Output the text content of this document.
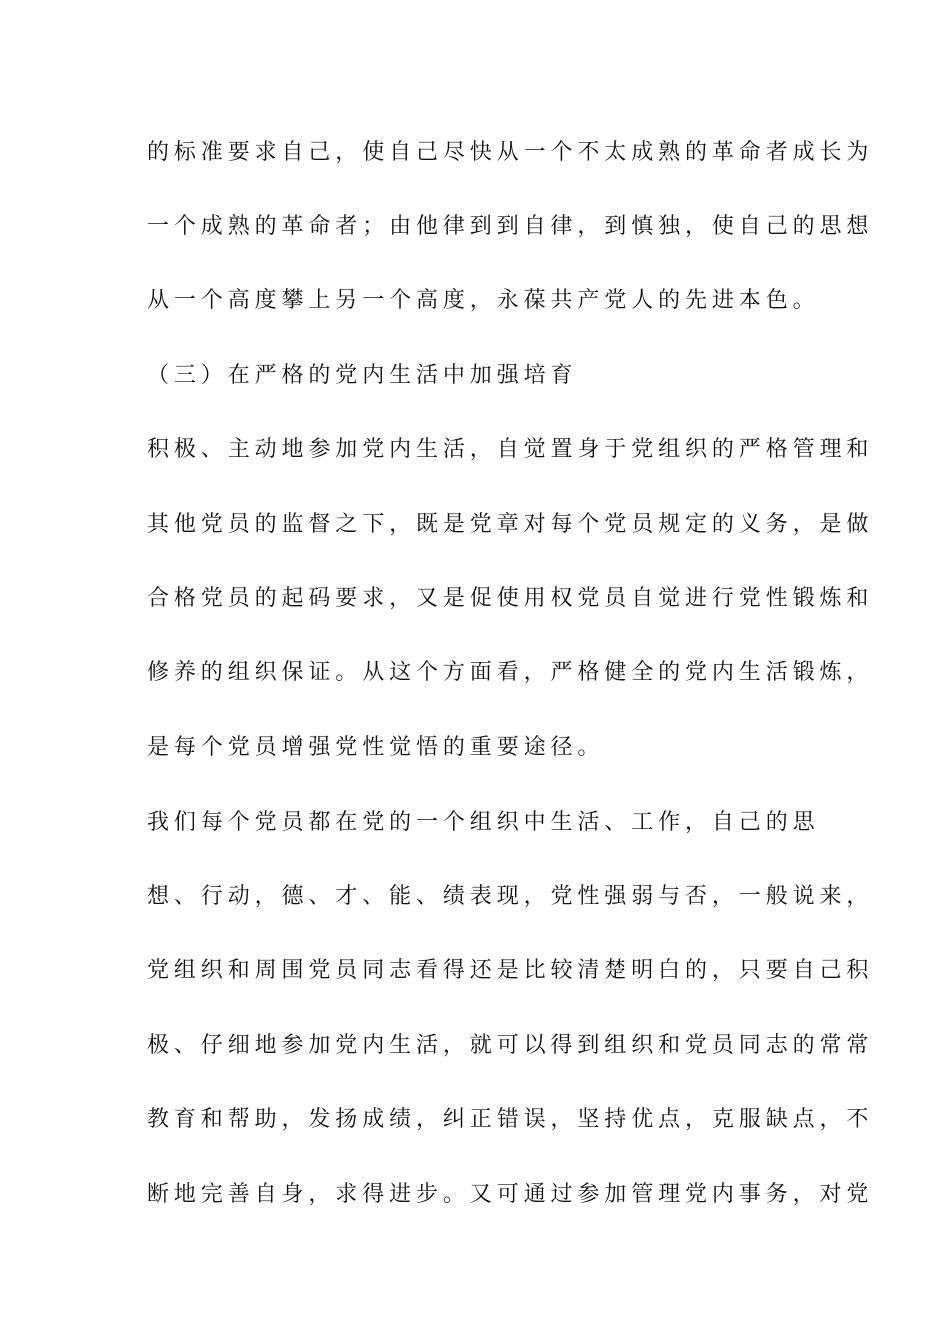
的标准要求自己，使自己尽快从一个不太成熟的革命者成长为
一个成熟的革命者；由他律到到自律，到慎独，使自己的思想
从一个高度攀上另一个高度，永葆共产党人的先进本色。
（三）在严格的党内生活中加强培育
积极、主动地参加党内生活，自觉置身于党组织的严格管理和
其他党员的监督之下，既是党章对每个党员规定的义务，是做
合格党员的起码要求，又是促使用权党员自觉进行党性锻炼和
修养的组织保证。从这个方面看，严格健全的党内生活锻炼，
是每个党员增强党性觉悟的重要途径。
我们每个党员都在党的一个组织中生活、工作，自己的思
想、行动，德、才、能、绩表现，党性强弱与否，一般说来，
党组织和周围党员同志看得还是比较清楚明白的，只要自己积
极、仔细地参加党内生活，就可以得到组织和党员同志的常常
教育和帮助，发扬成绩，纠正错误，坚持优点，克服缺点，不
断地完善自身，求得进步。又可通过参加管理党内事务，对党
